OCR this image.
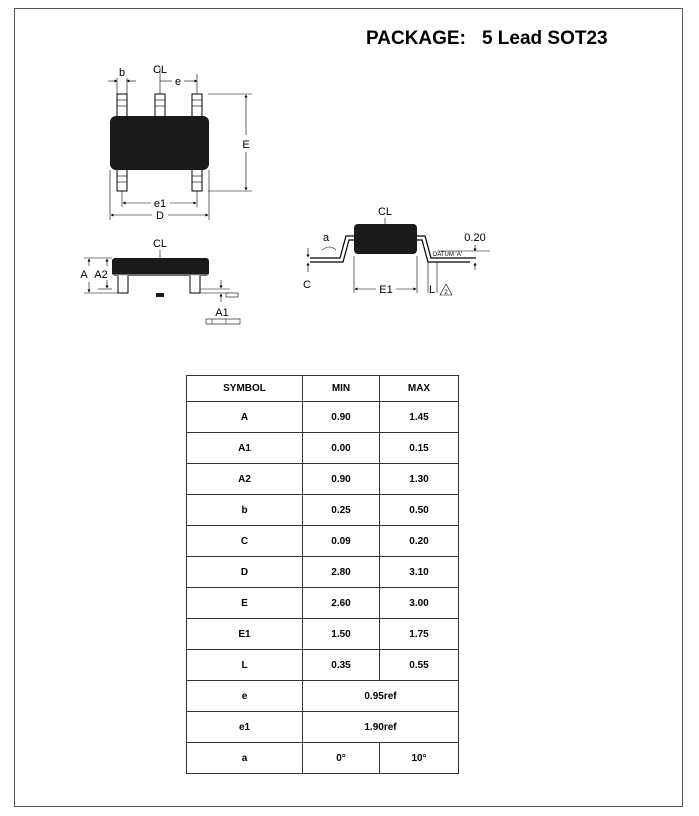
PACKAGE: 5 Lead SOT23
b	CL
e
E
e1
D
CL
A A2
A1
CL
a
C	E1	L 2
0.20
DATUM 'A'
SYMBOL	MIN	MAX
A	0.90	1.45
A1	0.00	0.15
A2	0.90	1.30
b	0.25	0.50
C	0.09	0.20
D	2.80	3.10
E	2.60	3.00
E1	1.50	1.75
L	0.35	0.55
e	0.95ref	
e1	1.90ref	
a	0°	10°
